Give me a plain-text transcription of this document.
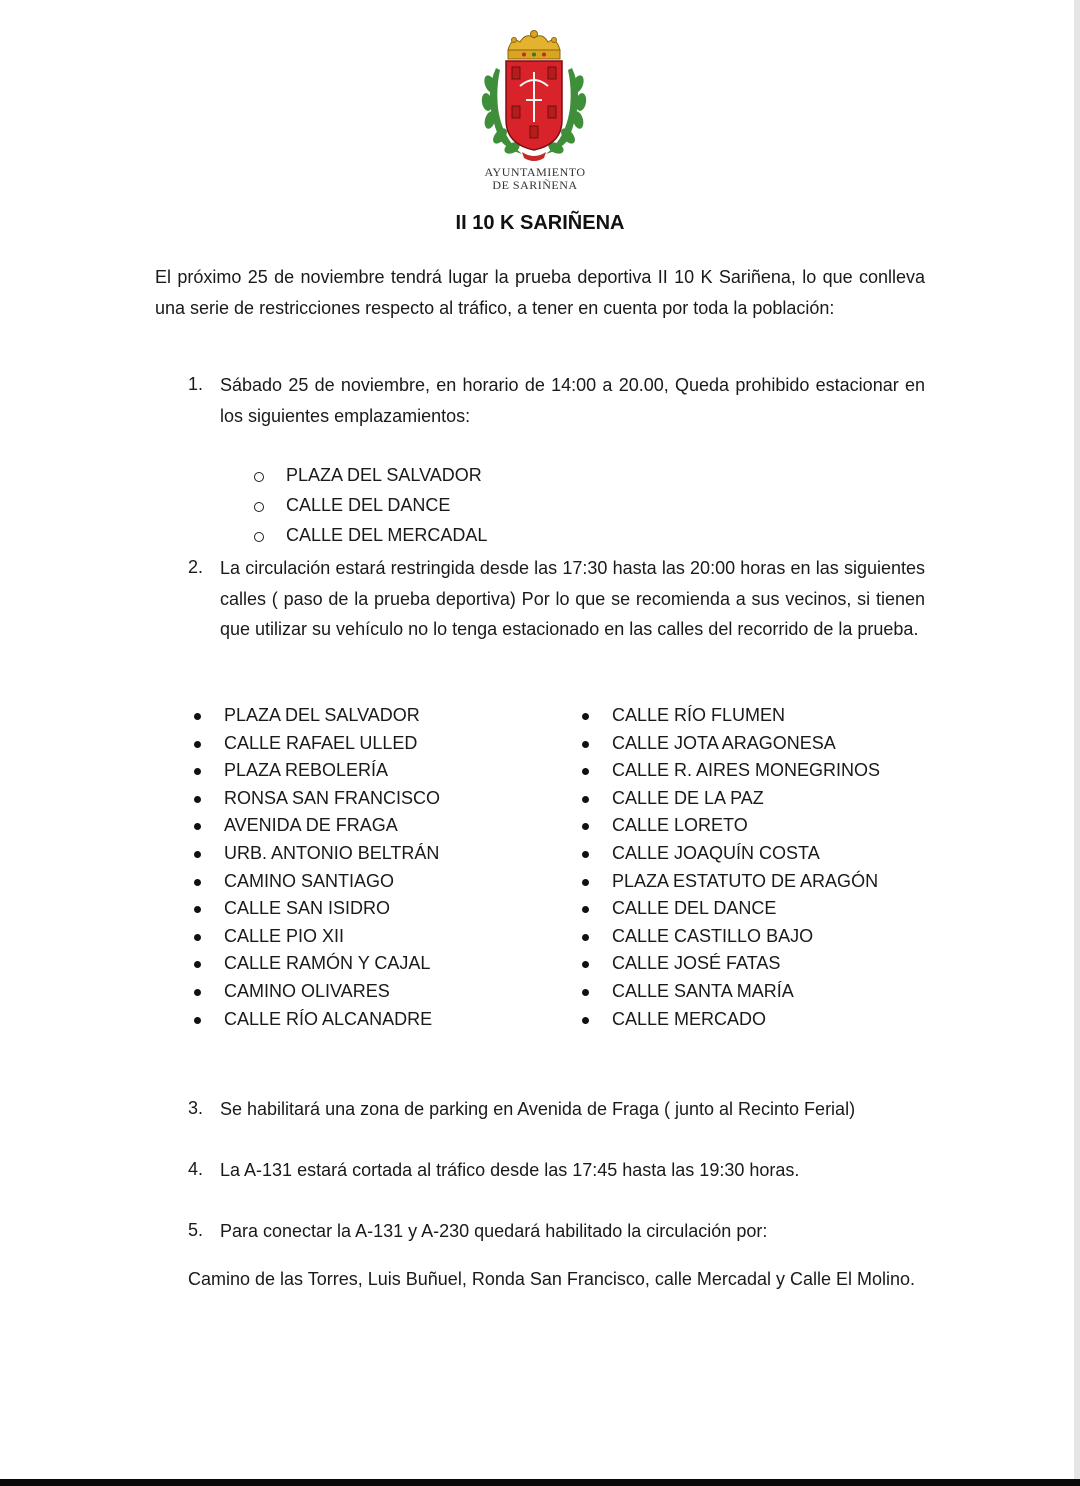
AYUNTAMIENTO
DE SARIÑENA
II 10 K SARIÑENA
El próximo 25 de noviembre tendrá lugar la prueba deportiva II 10 K Sariñena, lo que conlleva una serie de restricciones respecto al tráfico, a tener en cuenta por toda la población:
1. Sábado 25 de noviembre, en horario de 14:00 a 20.00, Queda prohibido estacionar en los siguientes emplazamientos:
PLAZA DEL SALVADOR
CALLE DEL DANCE
CALLE DEL MERCADAL
2. La circulación estará restringida desde las 17:30 hasta las 20:00 horas en las siguientes calles ( paso de la prueba deportiva) Por lo que se recomienda a sus vecinos, si tienen que utilizar su vehículo no lo tenga estacionado en las calles del recorrido de la prueba.
PLAZA DEL SALVADOR
CALLE RAFAEL ULLED
PLAZA REBOLERÍA
RONSA SAN FRANCISCO
AVENIDA DE FRAGA
URB. ANTONIO BELTRÁN
CAMINO SANTIAGO
CALLE SAN ISIDRO
CALLE PIO XII
CALLE RAMÓN Y CAJAL
CAMINO OLIVARES
CALLE RÍO ALCANADRE
CALLE RÍO FLUMEN
CALLE JOTA ARAGONESA
CALLE R. AIRES MONEGRINOS
CALLE DE LA PAZ
CALLE LORETO
CALLE JOAQUÍN COSTA
PLAZA ESTATUTO DE ARAGÓN
CALLE DEL DANCE
CALLE CASTILLO BAJO
CALLE JOSÉ FATAS
CALLE SANTA MARÍA
CALLE MERCADO
3. Se habilitará una zona de parking en Avenida de Fraga ( junto al Recinto Ferial)
4. La A-131 estará cortada al tráfico desde las 17:45 hasta las 19:30 horas.
5. Para conectar la A-131 y A-230 quedará habilitado la circulación por:
Camino de las Torres, Luis Buñuel, Ronda San Francisco, calle Mercadal y Calle El Molino.
